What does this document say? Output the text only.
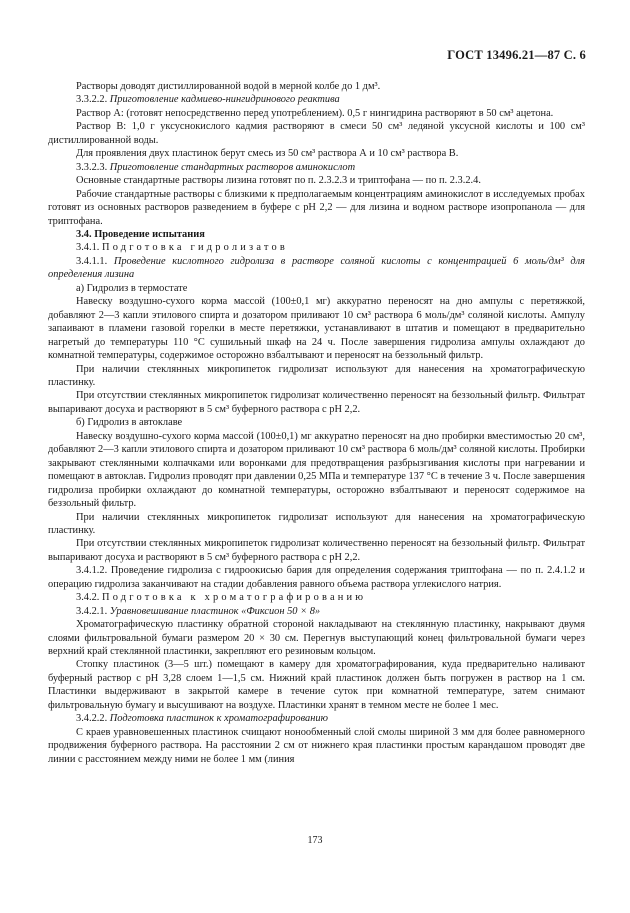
ГОСТ 13496.21—87 С. 6

Растворы доводят дистиллированной водой в мерной колбе до 1 дм³.

3.3.2.2. Приготовление кадмиево-нингидринового реактива

Раствор А: (готовят непосредственно перед употреблением). 0,5 г нингидрина растворяют в 50 см³ ацетона.

Раствор В: 1,0 г уксуснокислого кадмия растворяют в смеси 50 см³ ледяной уксусной кислоты и 100 см³ дистиллированной воды.

Для проявления двух пластинок берут смесь из 50 см³ раствора А и 10 см³ раствора В.

3.3.2.3. Приготовление стандартных растворов аминокислот

Основные стандартные растворы лизина готовят по п. 2.3.2.3 и триптофана — по п. 2.3.2.4.

Рабочие стандартные растворы с близкими к предполагаемым концентрациям аминокислот в исследуемых пробах готовят из основных растворов разведением в буфере с рН 2,2 — для лизина и водном растворе изопропанола — для триптофана.

3.4. Проведение испытания

3.4.1. Подготовка гидролизатов

3.4.1.1. Проведение кислотного гидролиза в растворе соляной кислоты с концентрацией 6 моль/дм³ для определения лизина

а) Гидролиз в термостате

Навеску воздушно-сухого корма массой (100±0,1 мг) аккуратно переносят на дно ампулы с перетяжкой, добавляют 2—3 капли этилового спирта и дозатором приливают 10 см³ раствора 6 моль/дм³ соляной кислоты. Ампулу запаивают в пламени газовой горелки в месте перетяжки, устанавливают в штатив и помещают в предварительно нагретый до температуры 110 °С сушильный шкаф на 24 ч. После завершения гидролиза ампулы охлаждают до комнатной температуры, содержимое осторожно взбалтывают и переносят на беззольный фильтр.

При наличии стеклянных микропипеток гидролизат используют для нанесения на хроматографическую пластинку.

При отсутствии стеклянных микропипеток гидролизат количественно переносят на беззольный фильтр. Фильтрат выпаривают досуха и растворяют в 5 см³ буферного раствора с рН 2,2.

б) Гидролиз в автоклаве

Навеску воздушно-сухого корма массой (100±0,1) мг аккуратно переносят на дно пробирки вместимостью 20 см³, добавляют 2—3 капли этилового спирта и дозатором приливают 10 см³ раствора 6 моль/дм³ соляной кислоты. Пробирки закрывают стеклянными колпачками или воронками для предотвращения разбрызгивания кислоты при нагревании и помещают в автоклав. Гидролиз проводят при давлении 0,25 МПа и температуре 137 °С в течение 3 ч. После завершения гидролиза пробирки охлаждают до комнатной температуры, осторожно взбалтывают и переносят содержимое на беззольный фильтр.

При наличии стеклянных микропипеток гидролизат используют для нанесения на хроматографическую пластинку.

При отсутствии стеклянных микропипеток гидролизат количественно переносят на беззольный фильтр. Фильтрат выпаривают досуха и растворяют в 5 см³ буферного раствора с рН 2,2.

3.4.1.2. Проведение гидролиза с гидроокисью бария для определения содержания триптофана — по п. 2.4.1.2 и операцию гидролиза заканчивают на стадии добавления равного объема раствора углекислого натрия.

3.4.2. Подготовка к хроматографированию

3.4.2.1. Уравновешивание пластинок «Фиксион 50 × 8»

Хроматографическую пластинку обратной стороной накладывают на стеклянную пластинку, накрывают двумя слоями фильтровальной бумаги размером 20 × 30 см. Перегнув выступающий конец фильтровальной бумаги через верхний край стеклянной пластинки, закрепляют его резиновым кольцом.

Стопку пластинок (3—5 шт.) помещают в камеру для хроматографирования, куда предварительно наливают буферный раствор с рН 3,28 слоем 1—1,5 см. Нижний край пластинок должен быть погружен в раствор на 1 см. Пластинки выдерживают в закрытой камере в течение суток при комнатной температуре, затем снимают фильтровальную бумагу и высушивают на воздухе. Пластинки хранят в темном месте не более 1 мес.

3.4.2.2. Подготовка пластинок к хроматографированию

С краев уравновешенных пластинок счищают нонообменный слой смолы шириной 3 мм для более равномерного продвижения буферного раствора. На расстоянии 2 см от нижнего края пластинки простым карандашом проводят две линии с расстоянием между ними не более 1 мм (линия

173
